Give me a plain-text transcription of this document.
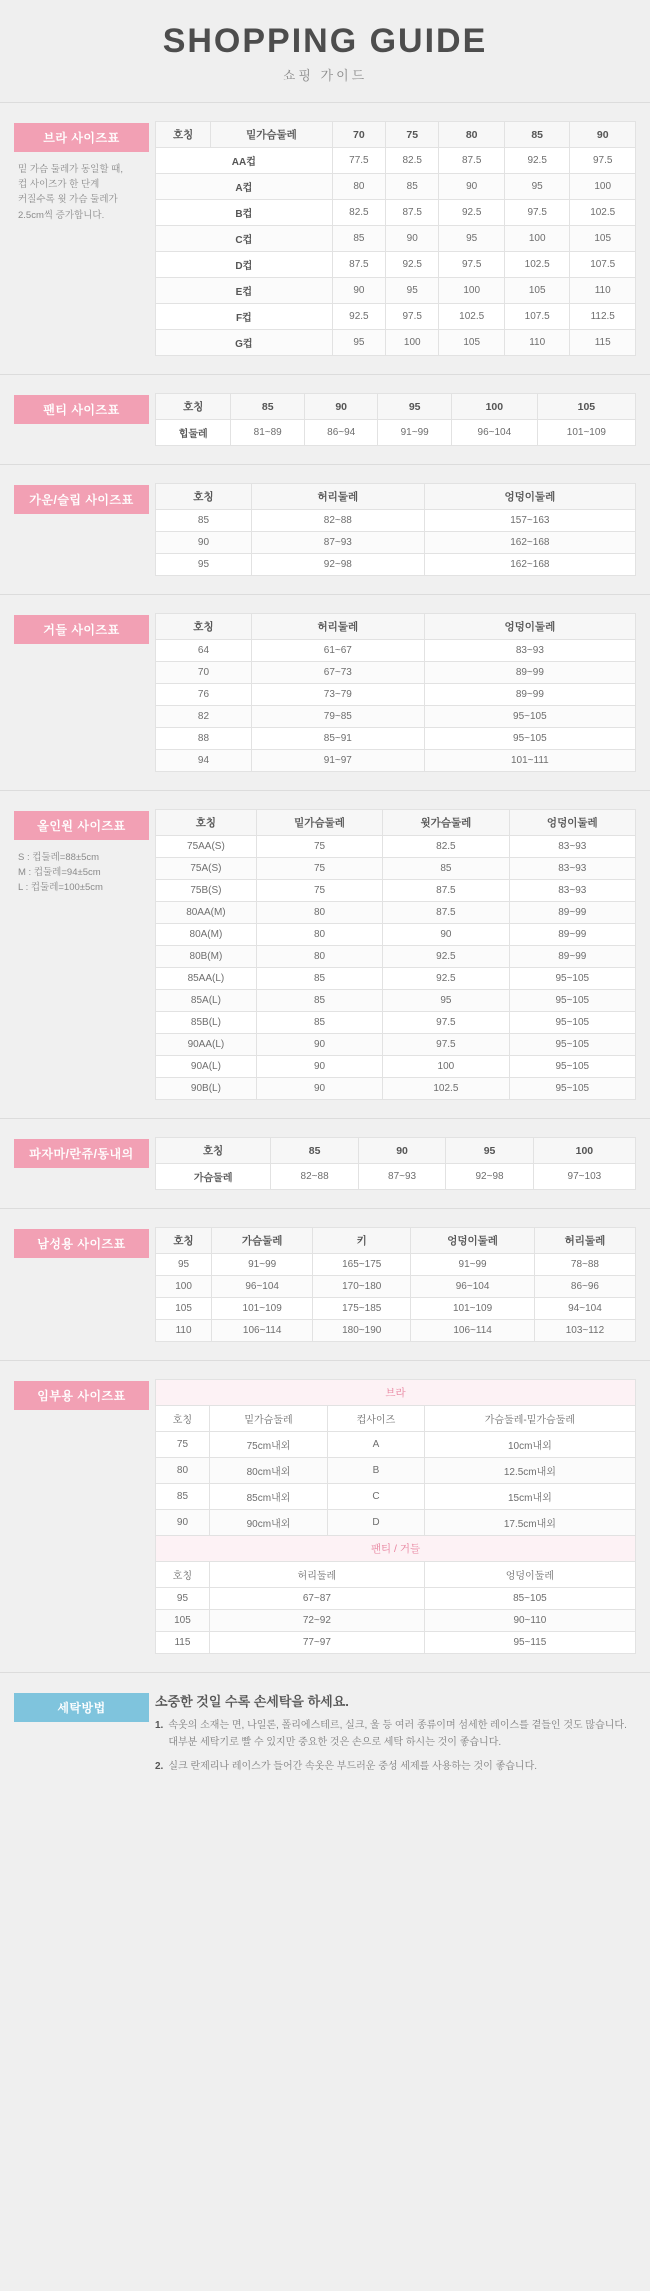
SHOPPING GUIDE
쇼핑 가이드
브라 사이즈표
밑 가슴 둘레가 동일할 때,
컵 사이즈가 한 단계
커질수록 윗 가슴 둘레가
2.5cm씩 증가합니다.
호칭	밑가슴둘레	70	75	80	85	90
AA컵		77.5	82.5	87.5	92.5	97.5
A컵		80	85	90	95	100
B컵		82.5	87.5	92.5	97.5	102.5
C컵		85	90	95	100	105
D컵		87.5	92.5	97.5	102.5	107.5
E컵		90	95	100	105	110
F컵		92.5	97.5	102.5	107.5	112.5
G컵		95	100	105	110	115
팬티 사이즈표	호칭	85	90	95	100	105
힙둘레	81~89	86~94	91~99	96~104	101~109
가운/슬립 사이즈표	호칭	허리둘레	엉덩이둘레
85	82~88	157~163
90	87~93	162~168
95	92~98	162~168
거들 사이즈표	호칭	허리둘레	엉덩이둘레
64	61~67	83~93
70	67~73	89~99
76	73~79	89~99
82	79~85	95~105
88	85~91	95~105
94	91~97	101~111
올인원 사이즈표
S : 컵둘레=88±5cm
M : 컵둘레=94±5cm
L : 컵둘레=100±5cm
호칭	밑가슴둘레	윗가슴둘레	엉덩이둘레
75AA(S)	75	82.5	83~93
75A(S)	75	85	83~93
75B(S)	75	87.5	83~93
80AA(M)	80	87.5	89~99
80A(M)	80	90	89~99
80B(M)	80	92.5	89~99
85AA(L)	85	92.5	95~105
85A(L)	85	95	95~105
85B(L)	85	97.5	95~105
90AA(L)	90	97.5	95~105
90A(L)	90	100	95~105
90B(L)	90	102.5	95~105
파자마/란쥬/동내의	호칭	85	90	95	100
가슴둘레	82~88	87~93	92~98	97~103
남성용 사이즈표	호칭	가슴둘레	키	엉덩이둘레	허리둘레
95	91~99	165~175	91~99	78~88
100	96~104	170~180	96~104	86~96
105	101~109	175~185	101~109	94~104
110	106~114	180~190	106~114	103~112
임부용 사이즈표	브라			
호칭	밑가슴둘레	컵사이즈	가슴둘레-밑가슴둘레
75	75cm내외	A	10cm내외
80	80cm내외	B	12.5cm내외
85	85cm내외	C	15cm내외
90	90cm내외	D	17.5cm내외
팬티 / 거들			
호칭	허리둘레		엉덩이둘레
95	67~87		85~105
105	72~92		90~110
115	77~97		95~115
세탁방법	소중한 것일 수록 손세탁을 하세요.

1. 속옷의 소재는 면, 나일론, 폴리에스테르, 실크, 울 등 여러 종류이며 섬세한 레이스를 곁들인 것도 많습니다.
대부분 세탁기로 빨 수 있지만 중요한 것은 손으로 세탁 하시는 것이 좋습니다.
2. 실크 란제리나 레이스가 들어간 속옷은 부드러운 중성 세제를 사용하는 것이 좋습니다.
